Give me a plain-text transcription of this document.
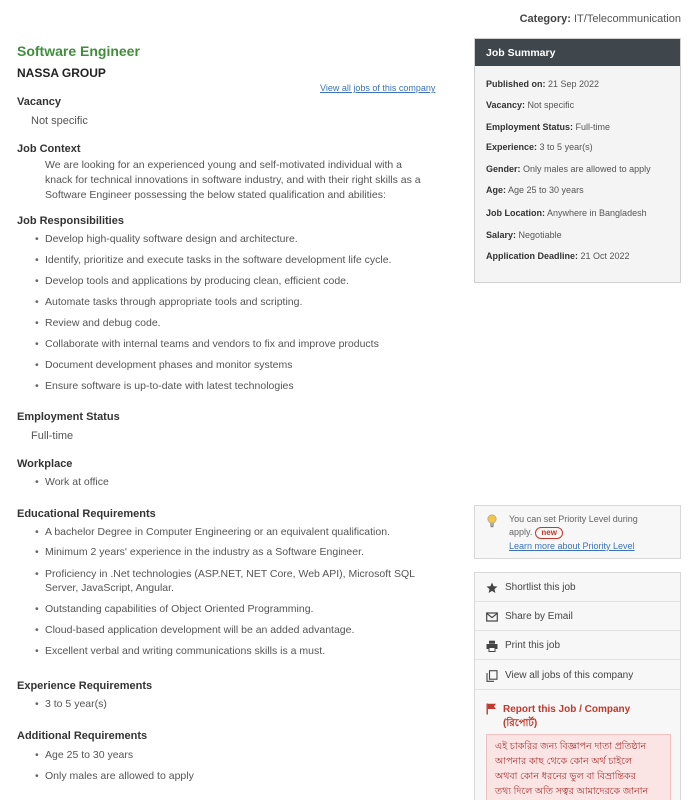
Category: IT/Telecommunication
Software Engineer
NASSA GROUP
View all jobs of this company
Vacancy
Not specific
Job Context
We are looking for an experienced young and self-motivated individual with a
knack for technical innovations in software industry, and with their right skills as a
Software Engineer possessing the below stated qualification and abilities:
Job Responsibilities
• Develop high-quality software design and architecture.
• Identify, prioritize and execute tasks in the software development life cycle.
• Develop tools and applications by producing clean, efficient code.
• Automate tasks through appropriate tools and scripting.
• Review and debug code.
• Collaborate with internal teams and vendors to fix and improve products
• Document development phases and monitor systems
• Ensure software is up-to-date with latest technologies
Employment Status
Full-time
Workplace
• Work at office
Educational Requirements
• A bachelor Degree in Computer Engineering or an equivalent qualification.
• Minimum 2 years' experience in the industry as a Software Engineer.
• Proficiency in .Net technologies (ASP.NET, NET Core, Web API), Microsoft SQL
Server, JavaScript, Angular.
• Outstanding capabilities of Object Oriented Programming.
• Cloud-based application development will be an added advantage.
• Excellent verbal and writing communications skills is a must.
Experience Requirements
• 3 to 5 year(s)
Additional Requirements
• Age 25 to 30 years
• Only males are allowed to apply
Job Summary
Published on: 21 Sep 2022
Vacancy: Not specific
Employment Status: Full-time
Experience: 3 to 5 year(s)
Gender: Only males are allowed to apply
Age: Age 25 to 30 years
Job Location: Anywhere in Bangladesh
Salary: Negotiable
Application Deadline: 21 Oct 2022
You can set Priority Level during
apply. new
Learn more about Priority Level
Shortlist this job
Share by Email
Print this job
View all jobs of this company
Report this Job / Company
(রিপোর্ট)
এই চাকরির জন্য বিজ্ঞাপন দাতা প্রতিষ্ঠান
আপনার কাছ থেকে কোন অর্থ চাইলে
অথবা কোন ধরনের ভুল বা বিভ্রান্তিকর
তথ্য দিলে অতি সত্বর আমাদেরকে জানান
